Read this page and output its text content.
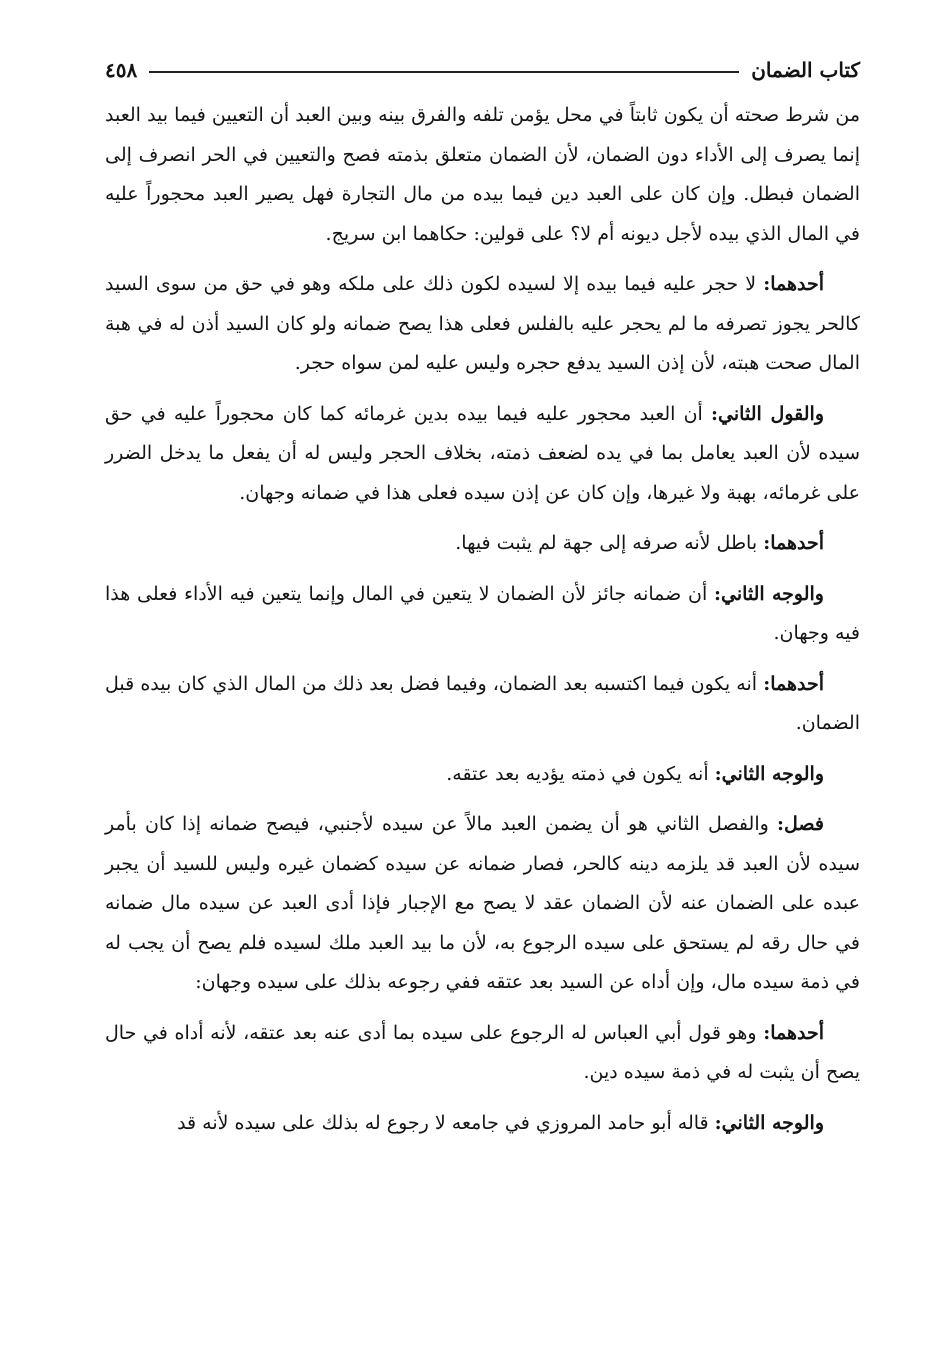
كتاب الضمان
٤٥٨

من شرط صحته أن يكون ثابتاً في محل يؤمن تلفه والفرق بينه وبين العبد أن التعيين فيما بيد العبد إنما يصرف إلى الأداء دون الضمان، لأن الضمان متعلق بذمته فصح والتعيين في الحر انصرف إلى الضمان فبطل. وإن كان على العبد دين فيما بيده من مال التجارة فهل يصير العبد محجوراً عليه في المال الذي بيده لأجل ديونه أم لا؟ على قولين: حكاهما ابن سريج.

أحدهما: لا حجر عليه فيما بيده إلا لسيده لكون ذلك على ملكه وهو في حق من سوى السيد كالحر يجوز تصرفه ما لم يحجر عليه بالفلس فعلى هذا يصح ضمانه ولو كان السيد أذن له في هبة المال صحت هبته، لأن إذن السيد يدفع حجره وليس عليه لمن سواه حجر.

والقول الثاني: أن العبد محجور عليه فيما بيده بدين غرمائه كما كان محجوراً عليه في حق سيده لأن العبد يعامل بما في يده لضعف ذمته، بخلاف الحجر وليس له أن يفعل ما يدخل الضرر على غرمائه، بهبة ولا غيرها، وإن كان عن إذن سيده فعلى هذا في ضمانه وجهان.

أحدهما: باطل لأنه صرفه إلى جهة لم يثبت فيها.

والوجه الثاني: أن ضمانه جائز لأن الضمان لا يتعين في المال وإنما يتعين فيه الأداء فعلى هذا فيه وجهان.

أحدهما: أنه يكون فيما اكتسبه بعد الضمان، وفيما فضل بعد ذلك من المال الذي كان بيده قبل الضمان.

والوجه الثاني: أنه يكون في ذمته يؤديه بعد عتقه.

فصل: والفصل الثاني هو أن يضمن العبد مالاً عن سيده لأجنبي، فيصح ضمانه إذا كان بأمر سيده لأن العبد قد يلزمه دينه كالحر، فصار ضمانه عن سيده كضمان غيره وليس للسيد أن يجبر عبده على الضمان عنه لأن الضمان عقد لا يصح مع الإجبار فإذا أدى العبد عن سيده مال ضمانه في حال رقه لم يستحق على سيده الرجوع به، لأن ما بيد العبد ملك لسيده فلم يصح أن يجب له في ذمة سيده مال، وإن أداه عن السيد بعد عتقه ففي رجوعه بذلك على سيده وجهان:

أحدهما: وهو قول أبي العباس له الرجوع على سيده بما أدى عنه بعد عتقه، لأنه أداه في حال يصح أن يثبت له في ذمة سيده دين.

والوجه الثاني: قاله أبو حامد المروزي في جامعه لا رجوع له بذلك على سيده لأنه قد
